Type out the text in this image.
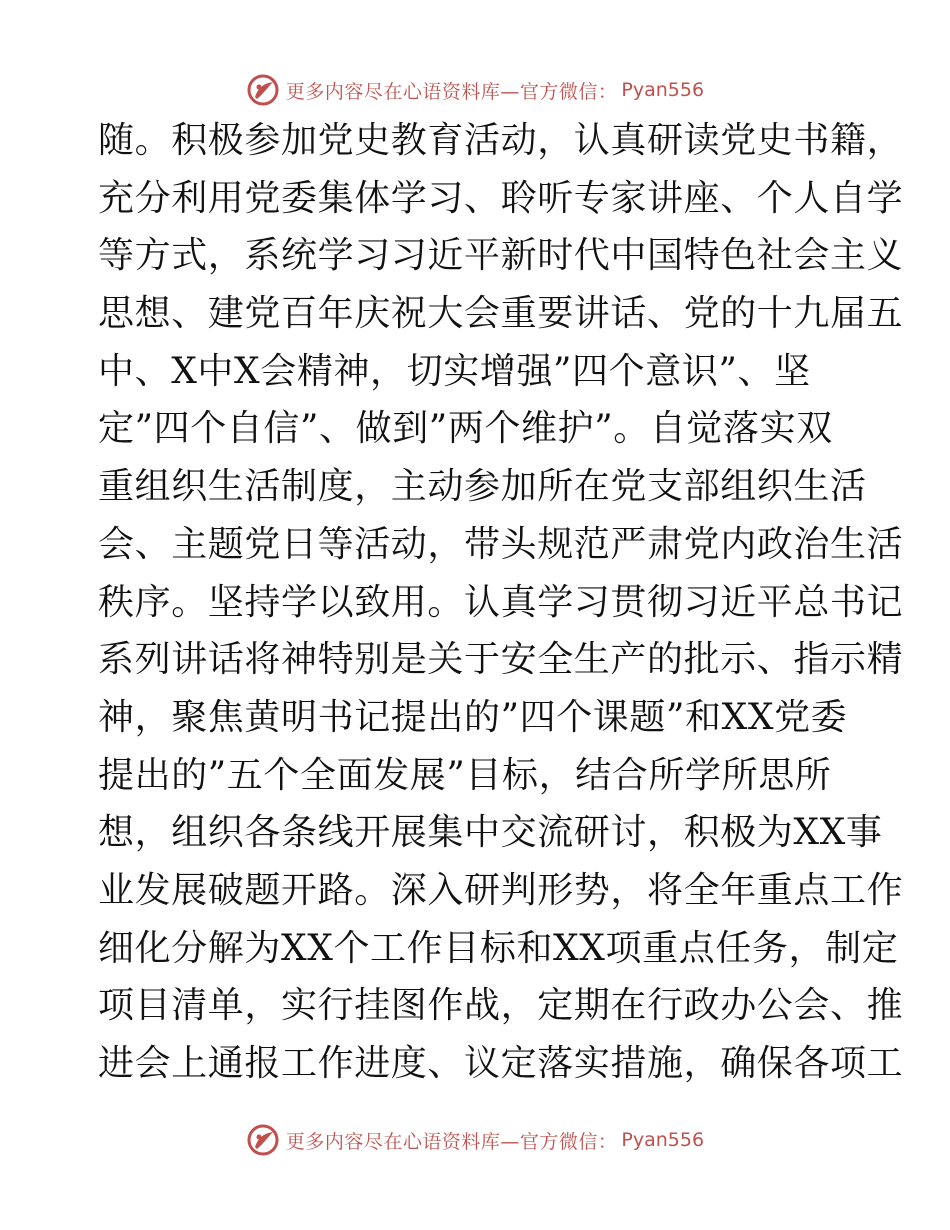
更多内容尽在心语资料库—官方微信： Pyan556
随。积极参加党史教育活动，认真研读党史书籍，
充分利用党委集体学习、聆听专家讲座、个人自学
等方式，系统学习习近平新时代中国特色社会主义
思想、建党百年庆祝大会重要讲话、党的十九届五
中、X中X会精神，切实增强”四个意识”、坚
定”四个自信”、做到”两个维护”。自觉落实双
重组织生活制度，主动参加所在党支部组织生活
会、主题党日等活动，带头规范严肃党内政治生活
秩序。坚持学以致用。认真学习贯彻习近平总书记
系列讲话将神特别是关于安全生产的批示、指示精
神，聚焦黄明书记提出的”四个课题”和XX党委
提出的”五个全面发展”目标，结合所学所思所
想，组织各条线开展集中交流研讨，积极为XX事
业发展破题开路。深入研判形势，将全年重点工作
细化分解为XX个工作目标和XX项重点任务，制定
项目清单，实行挂图作战，定期在行政办公会、推
进会上通报工作进度、议定落实措施，确保各项工
更多内容尽在心语资料库—官方微信： Pyan556
